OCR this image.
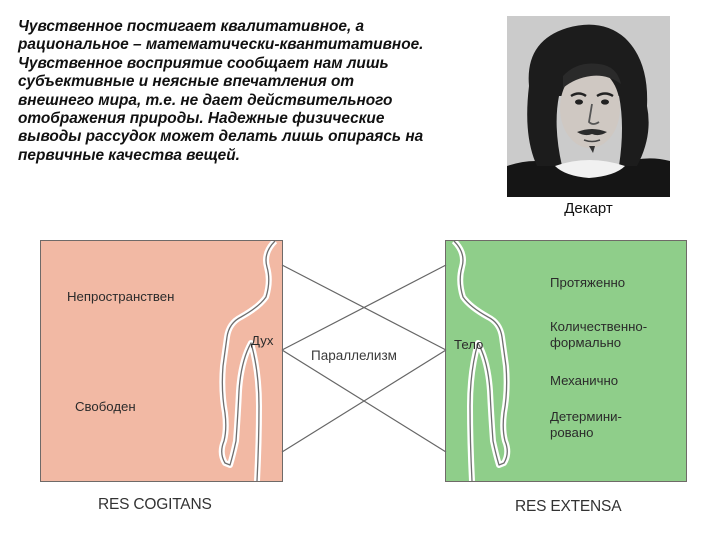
Чувственное постигает квалитативное, а
рациональное – математически-квантитативное.
Чувственное восприятие сообщает нам лишь
субъективные и неясные впечатления от
внешнего мира, т.е. не дает действительного
отображения природы. Надежные физические
выводы рассудок может делать лишь опираясь на
первичные качества вещей.
Декарт
Непространствен
Дух
Свободен
Тело
Протяженно
Количественно-
формально
Механично
Детермини-
ровано
Параллелизм
RES COGITANS	RES EXTENSA
